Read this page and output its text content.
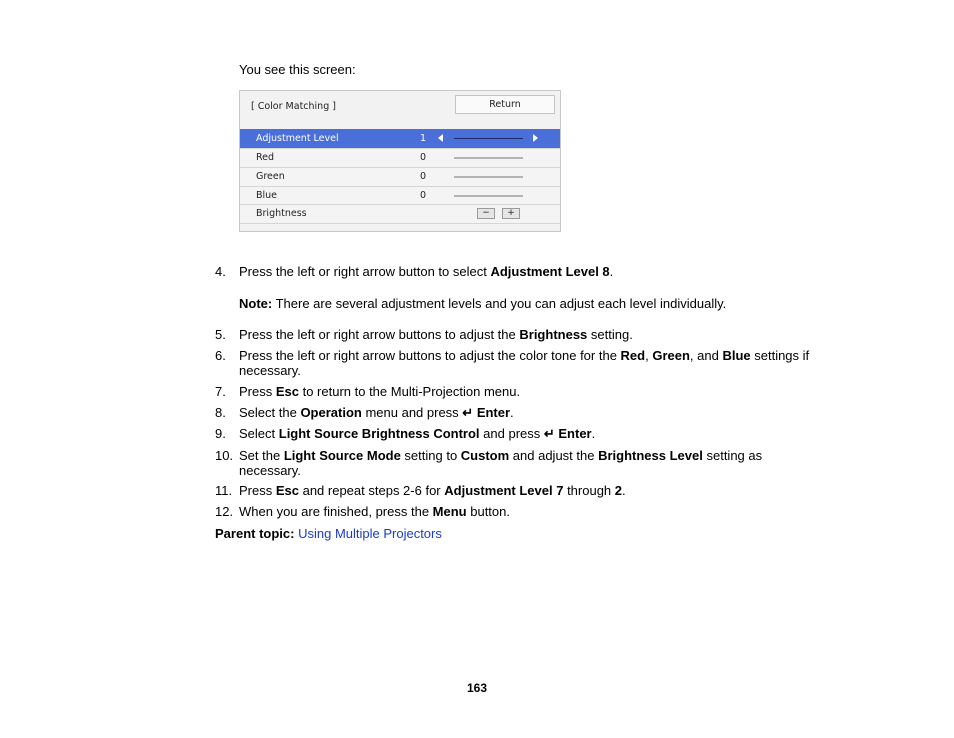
You see this screen:
[ Color Matching ]	Return
Adjustment Level	1
Red	0
Green	0
Blue	0
Brightness	−	+
4.	Press the left or right arrow button to select Adjustment Level 8.
Note: There are several adjustment levels and you can adjust each level individually.
5.	Press the left or right arrow buttons to adjust the Brightness setting.
6.	Press the left or right arrow buttons to adjust the color tone for the Red, Green, and Blue settings if necessary.
7.	Press Esc to return to the Multi-Projection menu.
8.	Select the Operation menu and press ↵ Enter.
9.	Select Light Source Brightness Control and press ↵ Enter.
10. Set the Light Source Mode setting to Custom and adjust the Brightness Level setting as necessary.
11. Press Esc and repeat steps 2-6 for Adjustment Level 7 through 2.
12. When you are finished, press the Menu button.
Parent topic: Using Multiple Projectors
163
